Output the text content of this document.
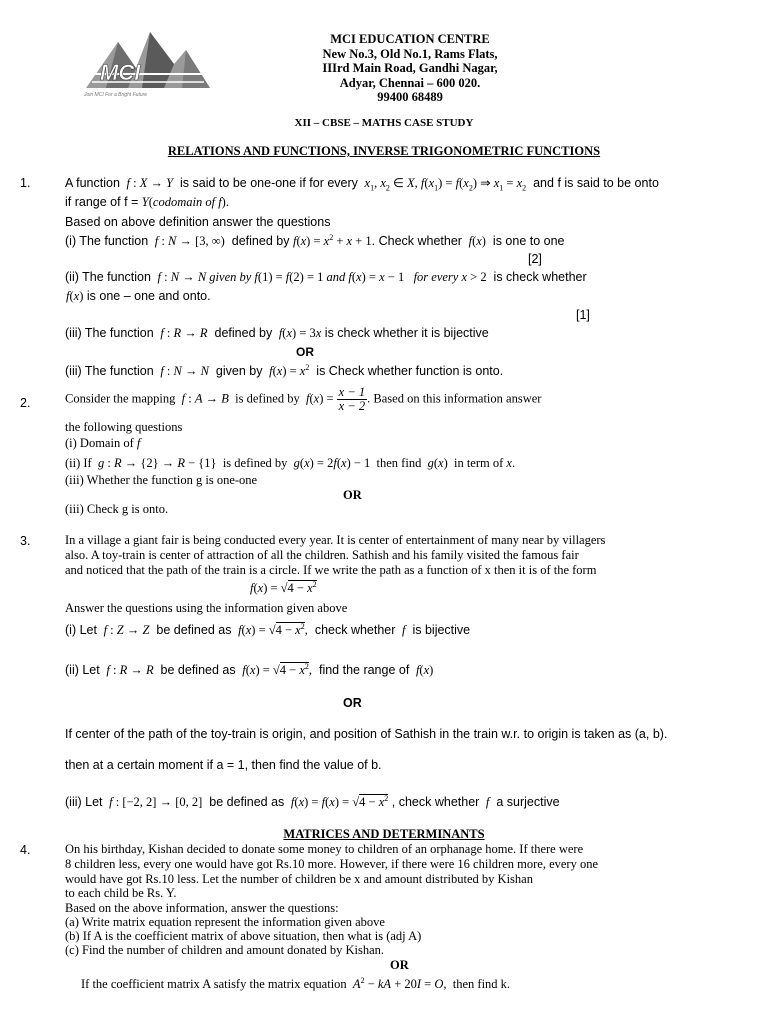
MCI
Join MCI For a Bright Future
MCI EDUCATION CENTRE
New No.3, Old No.1, Rams Flats,
IIIrd Main Road, Gandhi Nagar,
Adyar, Chennai – 600 020.
99400 68489
XII – CBSE – MATHS CASE STUDY
RELATIONS AND FUNCTIONS, INVERSE TRIGONOMETRIC FUNCTIONS
1.	A function  f : X → Y is said to be one-one if for every  $x_1$, $x_2$ ∈ X, $f(x_1) = f(x_2)$ ⇒ $x_1 = x_2$ and f is said to be onto
if range of f = Y(codomain of f).
Based on above definition answer the questions
(i) The function  f : N → [3, ∞) defined by $f(x) = x^2 + x + 1$. Check whether  f(x) is one to one
[2]
(ii) The function  f : N → N given by f(1) = f(2) = 1 and f(x) = x − 1   for every x > 2 is check whether
f(x) is one – one and onto.
[1]
(iii) The function  f : R → R defined by  f(x) = 3x is check whether it is bijective
OR
(iii) The function  f : N → N given by  $f(x) = x^2$ is Check whether function is onto.
2.	Consider the mapping  f : A → B is defined by  $f(x) = \frac{x - 1}{x - 2}$ . Based on this information answer
the following questions
(i) Domain of f
(ii) If  g : R → {2} → R − {1} is defined by  g(x) = 2f(x) − 1 then find  g(x) in term of x.
(iii) Whether the function g is one-one
OR
(iii) Check g is onto.
3.	In a village a giant fair is being conducted every year. It is center of entertainment of many near by villagers
also. A toy-train is center of attraction of all the children. Sathish and his family visited the famous fair
and noticed that the path of the train is a circle. If we write the path as a function of x then it is of the form
$f(x) = √4 - x^2$
Answer the questions using the information given above
(i) Let  f : Z → Z be defined as  $f(x) = √4 - x^2$, check whether  f is bijective
(ii) Let  f : R → R be defined as  $f(x) = √4 - x^2$, find the range of  f(x)
OR
If center of the path of the toy-train is origin, and position of Sathish in the train w.r. to origin is taken as (a, b).
then at a certain moment if a = 1, then find the value of b.
(iii) Let  f : [−2, 2] → [0, 2] be defined as  $f(x) = f(x) = √4 - x^2$ , check whether  f a surjective
MATRICES AND DETERMINANTS
4.	On his birthday, Kishan decided to donate some money to children of an orphanage home. If there were
8 children less, every one would have got Rs.10 more. However, if there were 16 children more, every one
would have got Rs.10 less. Let the number of children be x and amount distributed by Kishan
to each child be Rs. Y.
Based on the above information, answer the questions:
(a) Write matrix equation represent the information given above
(b) If A is the coefficient matrix of above situation, then what is (adj A)
(c) Find the number of children and amount donated by Kishan.
OR
If the coefficient matrix A satisfy the matrix equation  $A^2$ − kA + 20I = O, then find k.
